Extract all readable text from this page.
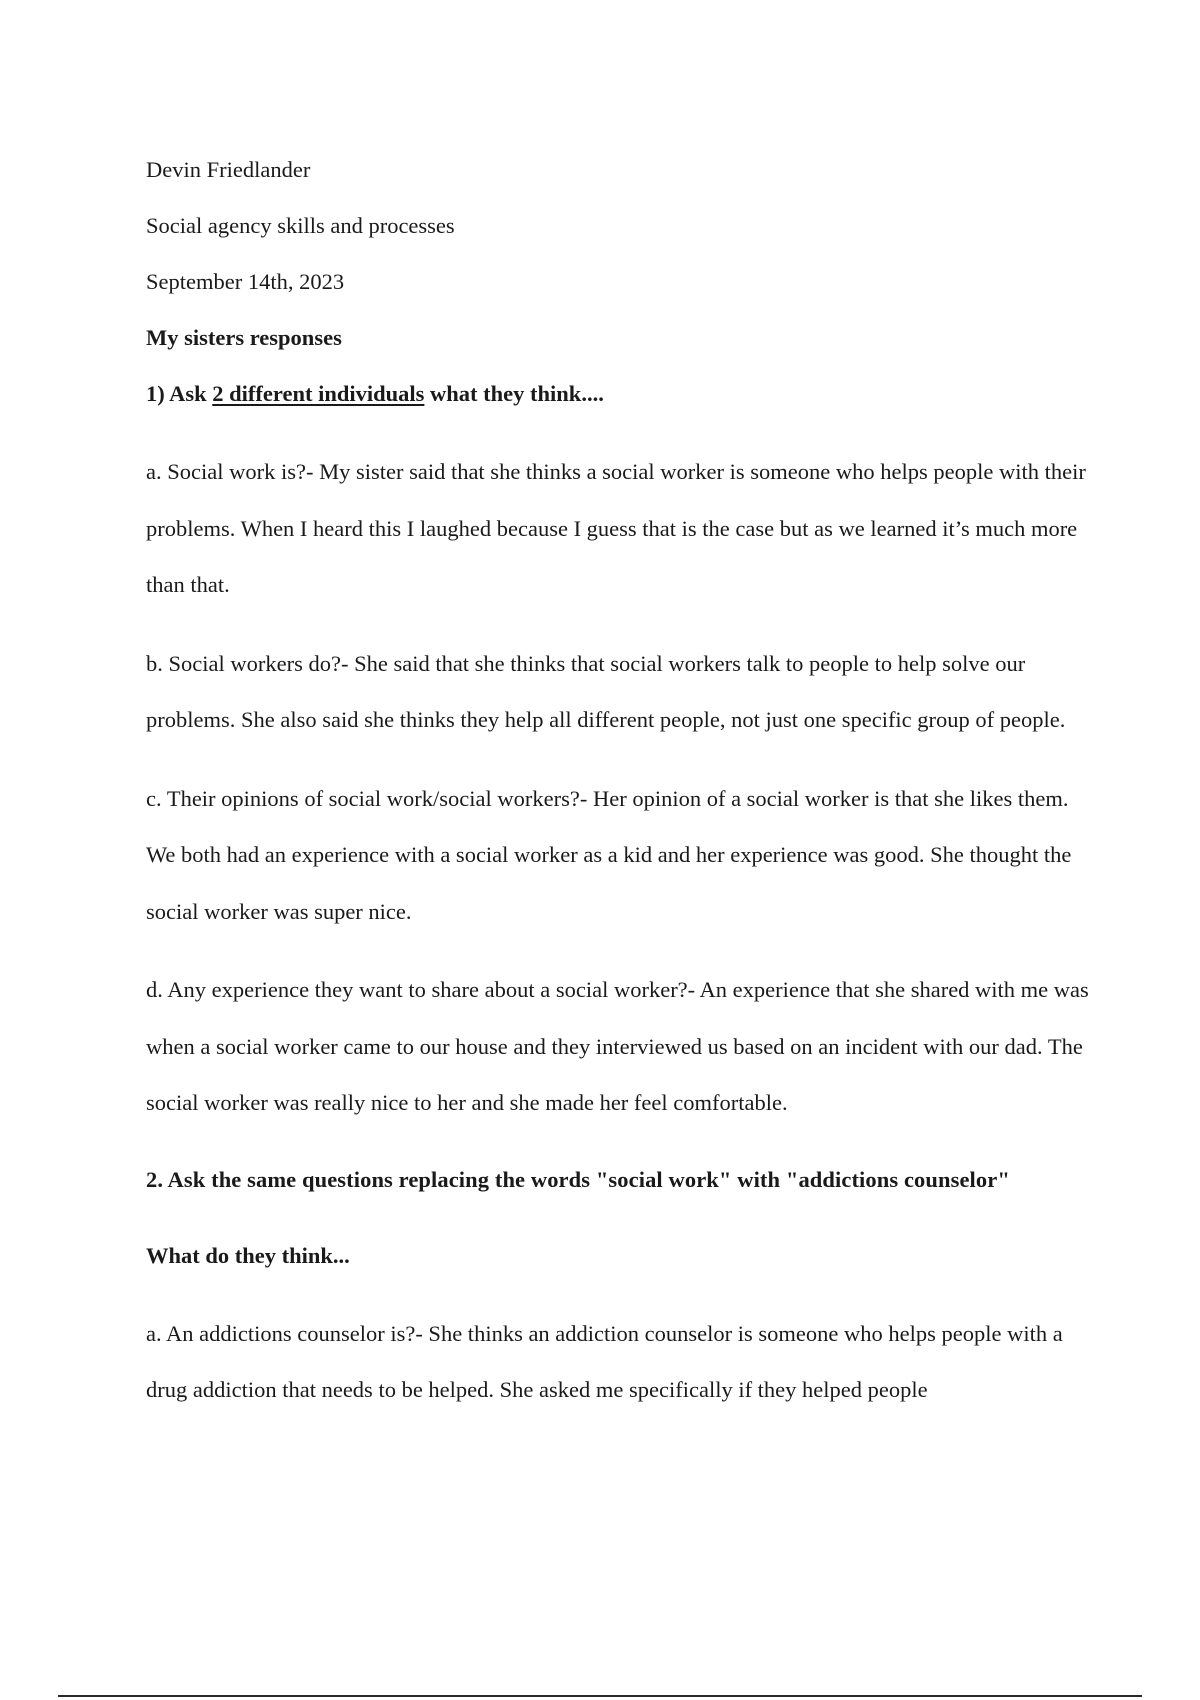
Devin Friedlander

Social agency skills and processes

September 14th, 2023

My sisters responses

1) Ask 2 different individuals what they think....

a. Social work is?- My sister said that she thinks a social worker is someone who helps people with their problems. When I heard this I laughed because I guess that is the case but as we learned it’s much more than that.

b. Social workers do?- She said that she thinks that social workers talk to people to help solve our problems. She also said she thinks they help all different people, not just one specific group of people.

c. Their opinions of social work/social workers?- Her opinion of a social worker is that she likes them. We both had an experience with a social worker as a kid and her experience was good. She thought the social worker was super nice.

d. Any experience they want to share about a social worker?- An experience that she shared with me was when a social worker came to our house and they interviewed us based on an incident with our dad. The social worker was really nice to her and she made her feel comfortable.

2. Ask the same questions replacing the words "social work" with "addictions counselor"

What do they think...

a. An addictions counselor is?- She thinks an addiction counselor is someone who helps people with a drug addiction that needs to be helped. She asked me specifically if they helped people
